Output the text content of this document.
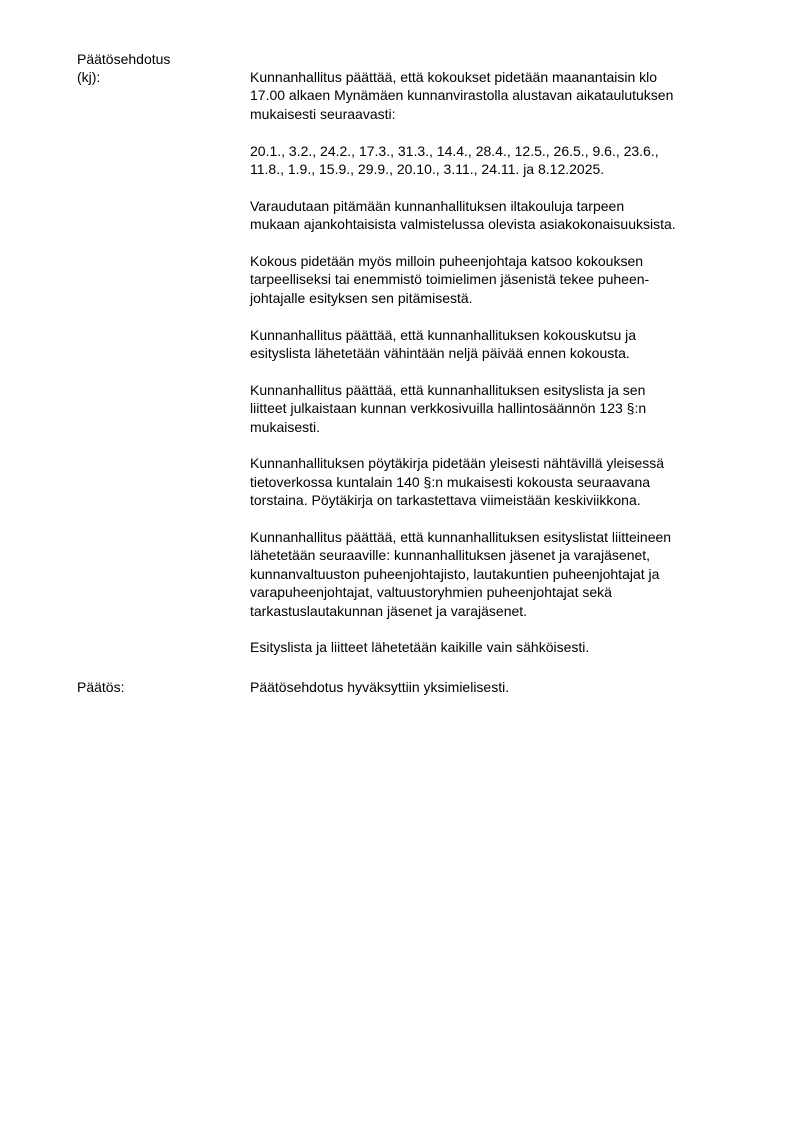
Päätösehdotus
(kj):	Kunnanhallitus päättää, että kokoukset pidetään maanantaisin klo
17.00 alkaen Mynämäen kunnanvirastolla alustavan aikataulutuksen
mukaisesti seuraavasti:

20.1., 3.2., 24.2., 17.3., 31.3., 14.4., 28.4., 12.5., 26.5., 9.6., 23.6.,
11.8., 1.9., 15.9., 29.9., 20.10., 3.11., 24.11. ja 8.12.2025.

Varaudutaan pitämään kunnanhallituksen iltakouluja tarpeen
mukaan ajankohtaisista valmistelussa olevista asiakokonaisuuksista.

Kokous pidetään myös milloin puheenjohtaja katsoo kokouksen
tarpeelliseksi tai enemmistö toimielimen jäsenistä tekee puheen-
johtajalle esityksen sen pitämisestä.

Kunnanhallitus päättää, että kunnanhallituksen kokouskutsu ja
esityslista lähetetään vähintään neljä päivää ennen kokousta.

Kunnanhallitus päättää, että kunnanhallituksen esityslista ja sen
liitteet julkaistaan kunnan verkkosivuilla hallintosäännön 123 §:n
mukaisesti.

Kunnanhallituksen pöytäkirja pidetään yleisesti nähtävillä yleisessä
tietoverkossa kuntalain 140 §:n mukaisesti kokousta seuraavana
torstaina. Pöytäkirja on tarkastettava viimeistään keskiviikkona.

Kunnanhallitus päättää, että kunnanhallituksen esityslistat liitteineen
lähetetään seuraaville: kunnanhallituksen jäsenet ja varajäsenet,
kunnanvaltuuston puheenjohtajisto, lautakuntien puheenjohtajat ja
varapuheenjohtajat, valtuustoryhmien puheenjohtajat sekä
tarkastuslautakunnan jäsenet ja varajäsenet.

Esityslista ja liitteet lähetetään kaikille vain sähköisesti.

Päätös:	Päätösehdotus hyväksyttiin yksimielisesti.
